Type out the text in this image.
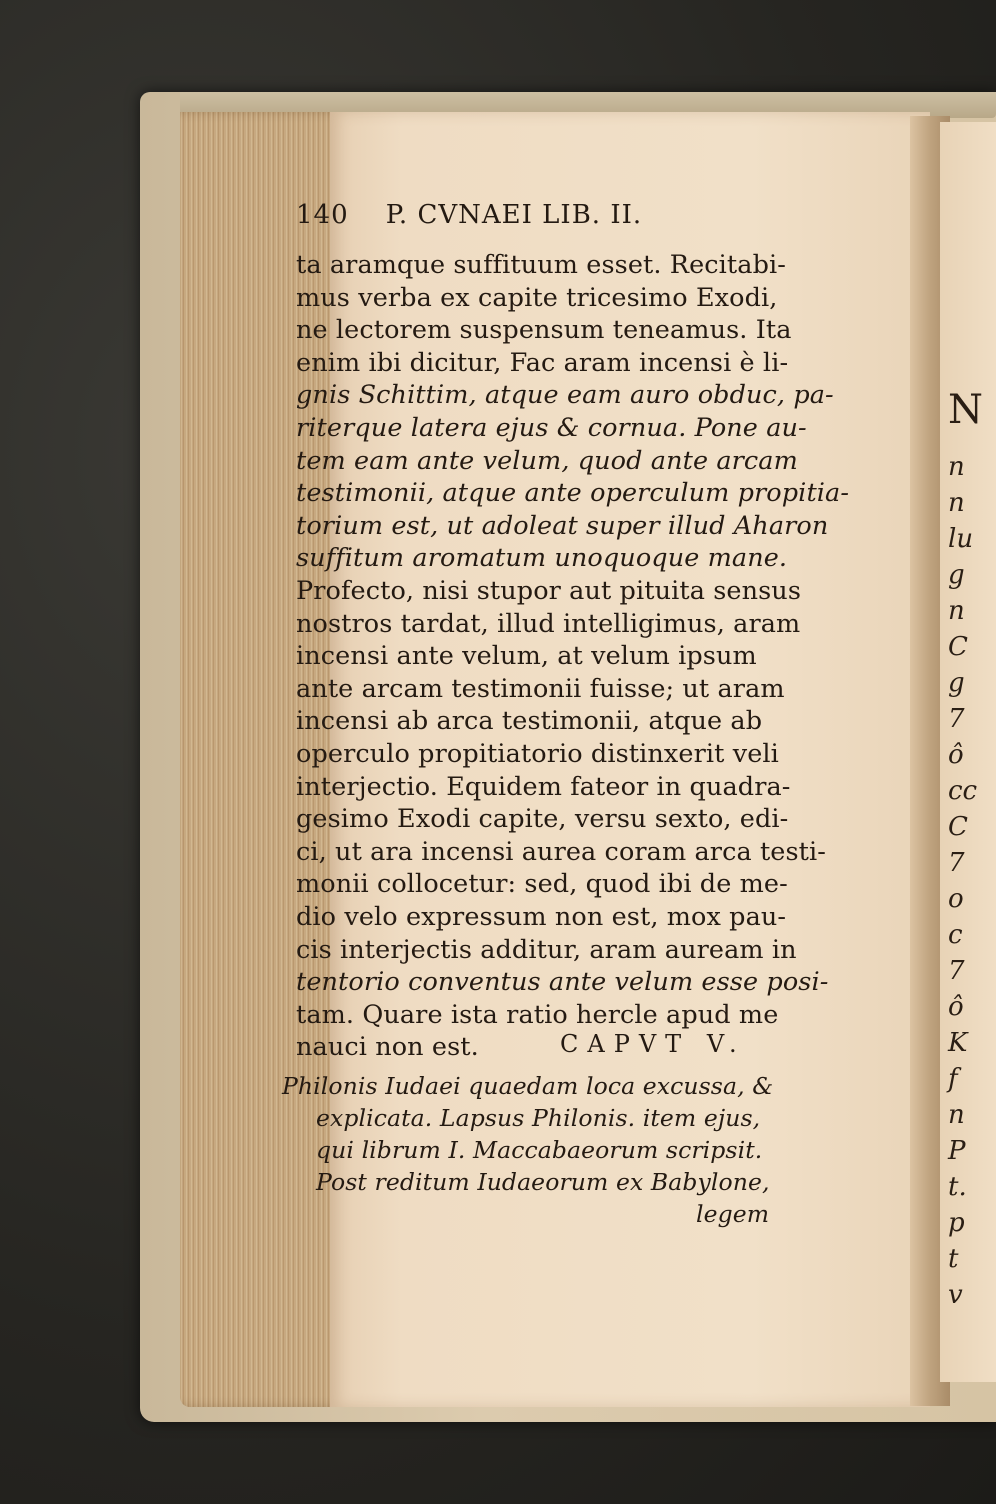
N
n
n
lu
g
n
C
g
7
ô
cc
C
7
o
c
7
ô
K
f
n
P
t.
p
t
v
140 P. CVNAEI LIB. II.
ta aramque suffituum esset. Recitabi-
mus verba ex capite tricesimo Exodi,
ne lectorem suspensum teneamus. Ita
enim ibi dicitur, Fac aram incensi è li-
gnis Schittim, atque eam auro obduc, pa-
riterque latera ejus & cornua. Pone au-
tem eam ante velum, quod ante arcam
testimonii, atque ante operculum propitia-
torium est, ut adoleat super illud Aharon
suffitum aromatum unoquoque mane.
Profecto, nisi stupor aut pituita sensus
nostros tardat, illud intelligimus, aram
incensi ante velum, at velum ipsum
ante arcam testimonii fuisse; ut aram
incensi ab arca testimonii, atque ab
operculo propitiatorio distinxerit veli
interjectio. Equidem fateor in quadra-
gesimo Exodi capite, versu sexto, edi-
ci, ut ara incensi aurea coram arca testi-
monii collocetur: sed, quod ibi de me-
dio velo expressum non est, mox pau-
cis interjectis additur, aram auream in
tentorio conventus ante velum esse posi-
tam. Quare ista ratio hercle apud me
nauci non est.	CAPVT V.
Philonis Iudaei quaedam loca excussa, &
explicata. Lapsus Philonis. item ejus,
qui librum I. Maccabaeorum scripsit.
Post reditum Iudaeorum ex Babylone,
legem
